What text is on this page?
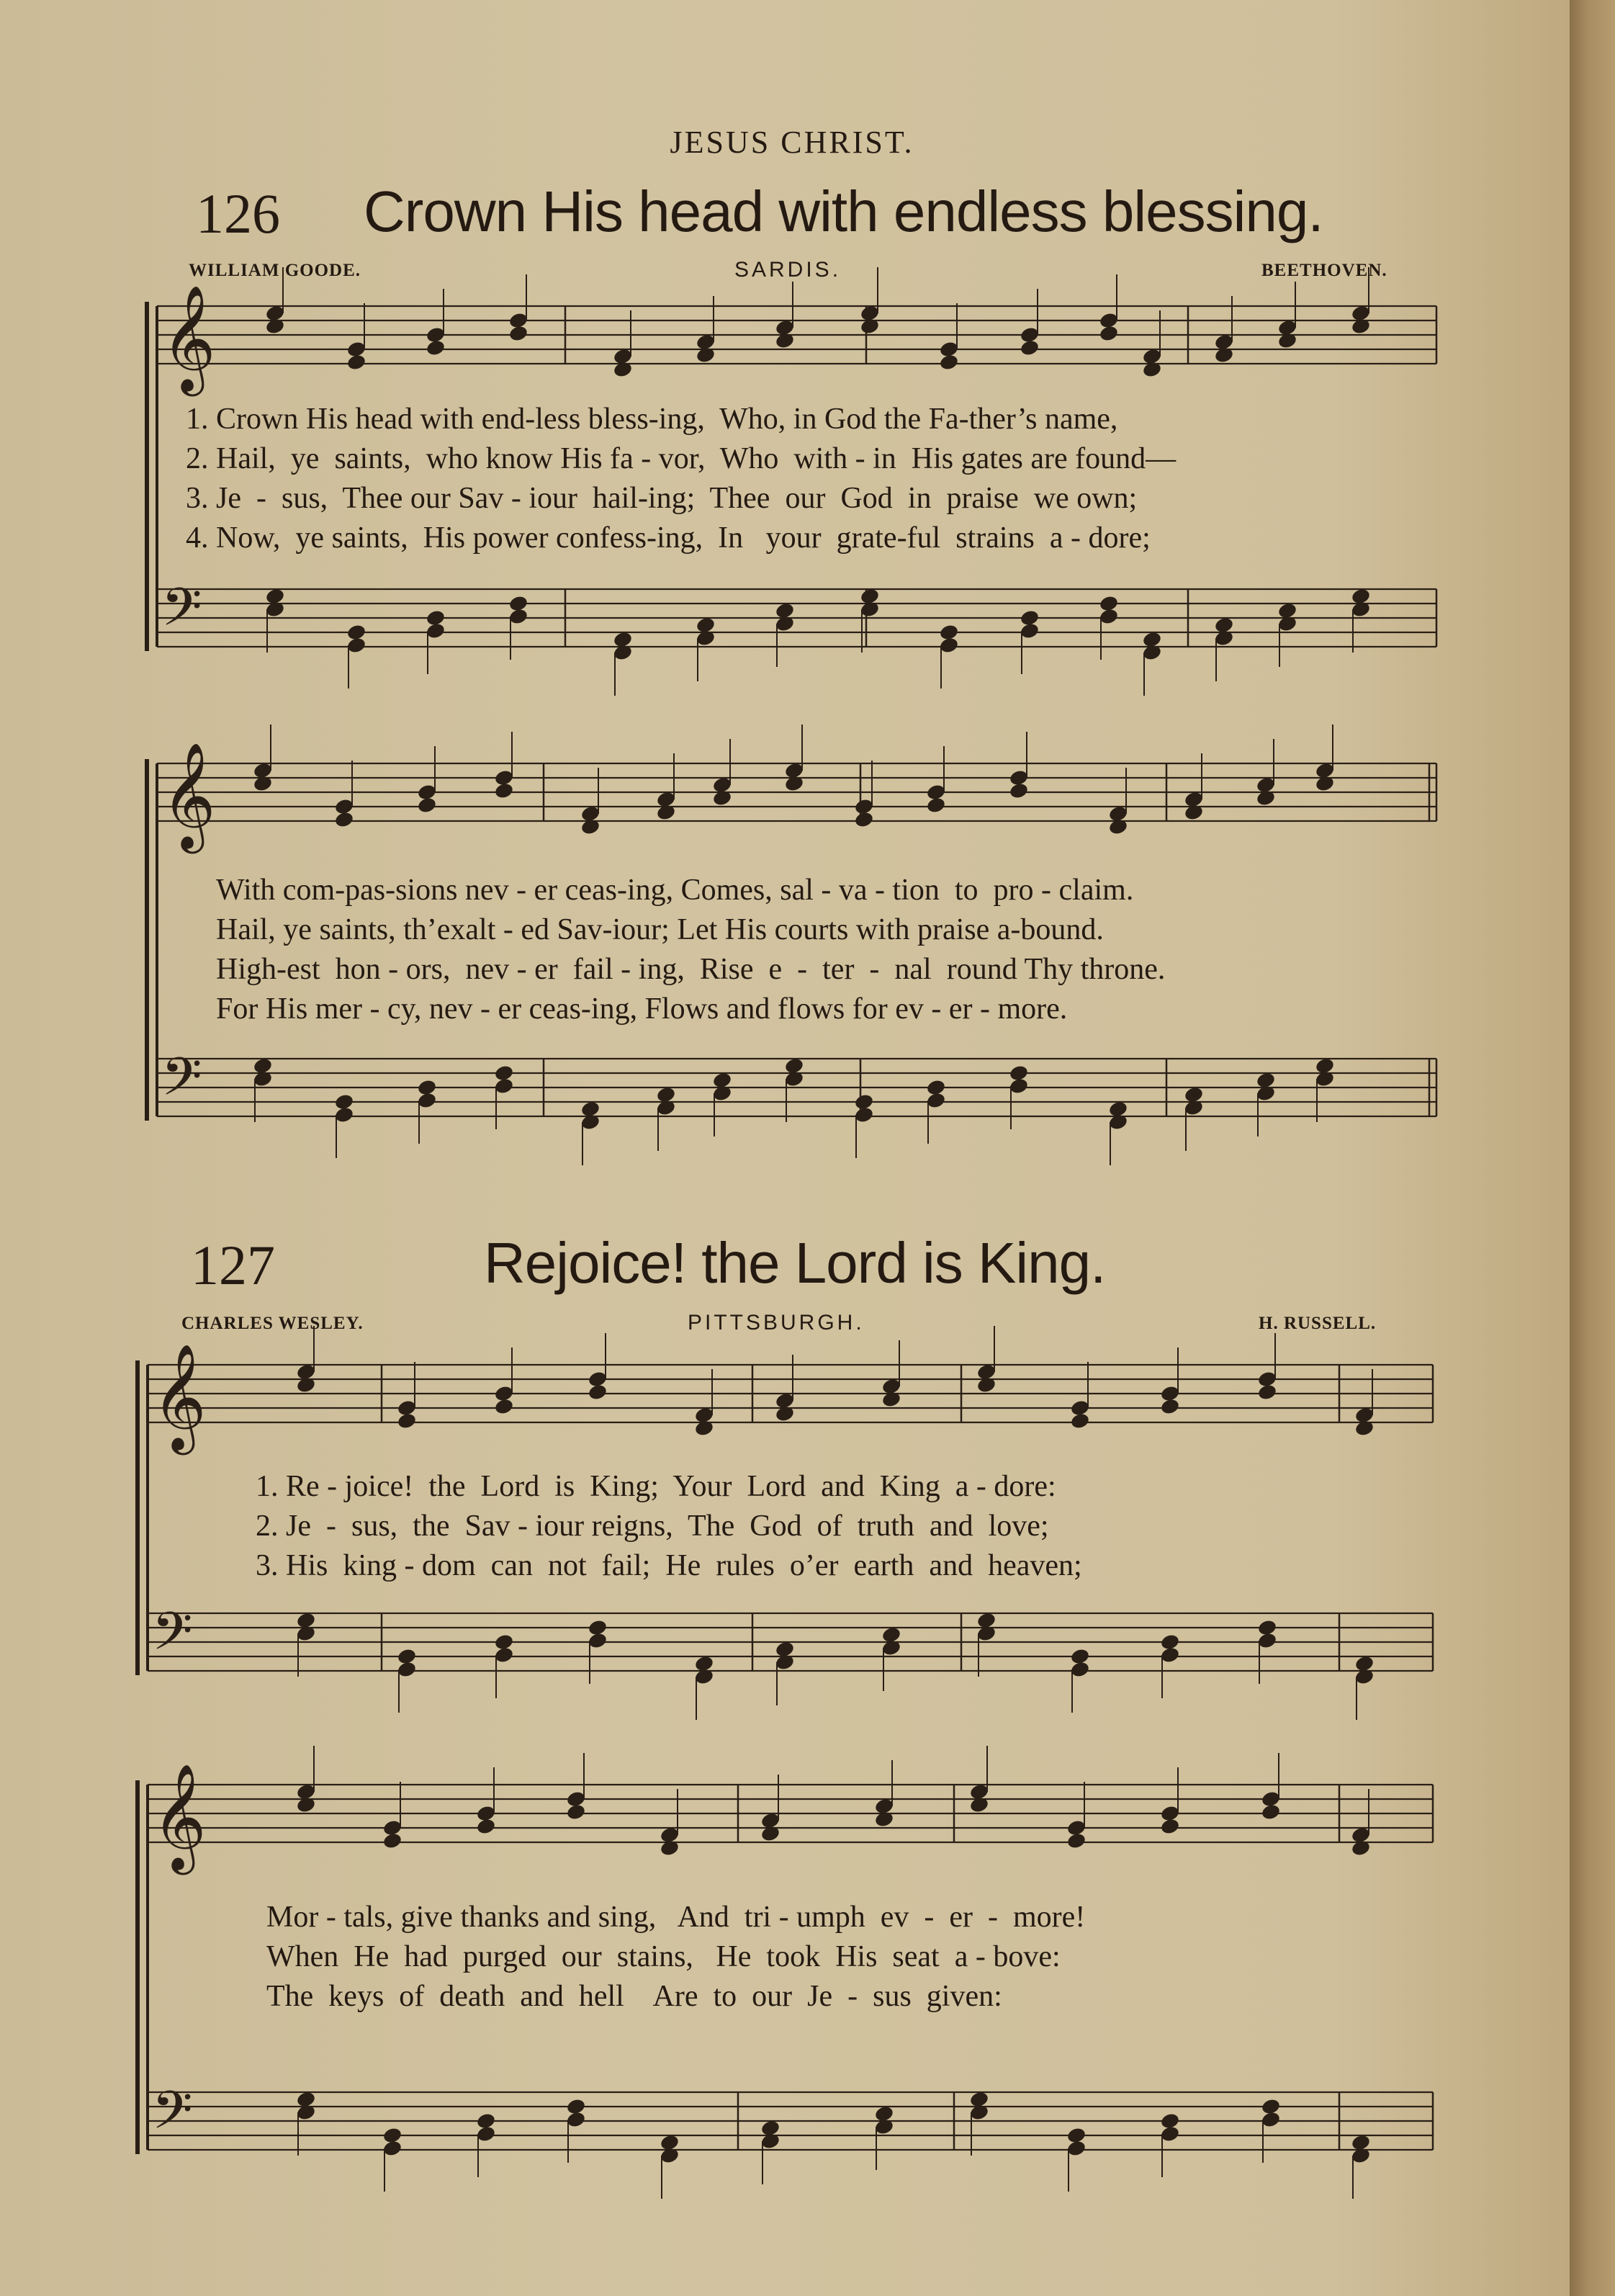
JESUS CHRIST.
126 Crown His head with endless blessing.
WILLIAM GOODE.	SARDIS.	BEETHOVEN.
1. Crown His head with end-less bless-ing,  Who, in God the Fa-ther’s name,
2. Hail,  ye  saints,  who know His fa - vor,  Who  with - in  His gates are found—
3. Je  -  sus,  Thee our Sav - iour  hail-ing;  Thee  our  God  in  praise  we own;
4. Now,  ye saints,  His power confess-ing,  In   your  grate-ful  strains  a - dore;
With com-pas-sions nev - er ceas-ing, Comes, sal - va - tion  to  pro - claim.
Hail, ye saints, th’exalt - ed Sav-iour; Let His courts with praise a-bound.
High-est  hon - ors,  nev - er  fail - ing,  Rise  e  -  ter  -  nal  round Thy throne.
For His mer - cy, nev - er ceas-ing, Flows and flows for ev - er - more.
127	Rejoice! the Lord is King.
CHARLES WESLEY.	PITTSBURGH.	H. RUSSELL.
1. Re - joice!  the  Lord  is  King;  Your  Lord  and  King  a - dore:
2. Je  -  sus,  the  Sav - iour reigns,  The  God  of  truth  and  love;
3. His  king - dom  can  not  fail;  He  rules  o’er  earth  and  heaven;
Mor - tals, give thanks and sing,   And  tri - umph  ev  -  er  -  more!
When  He  had  purged  our  stains,   He  took  His  seat  a - bove:
The  keys  of  death  and  hell    Are  to  our  Je  -  sus  given:
𝄞
𝄢
𝄞
𝄢
𝄞
𝄢
𝄞
𝄢
